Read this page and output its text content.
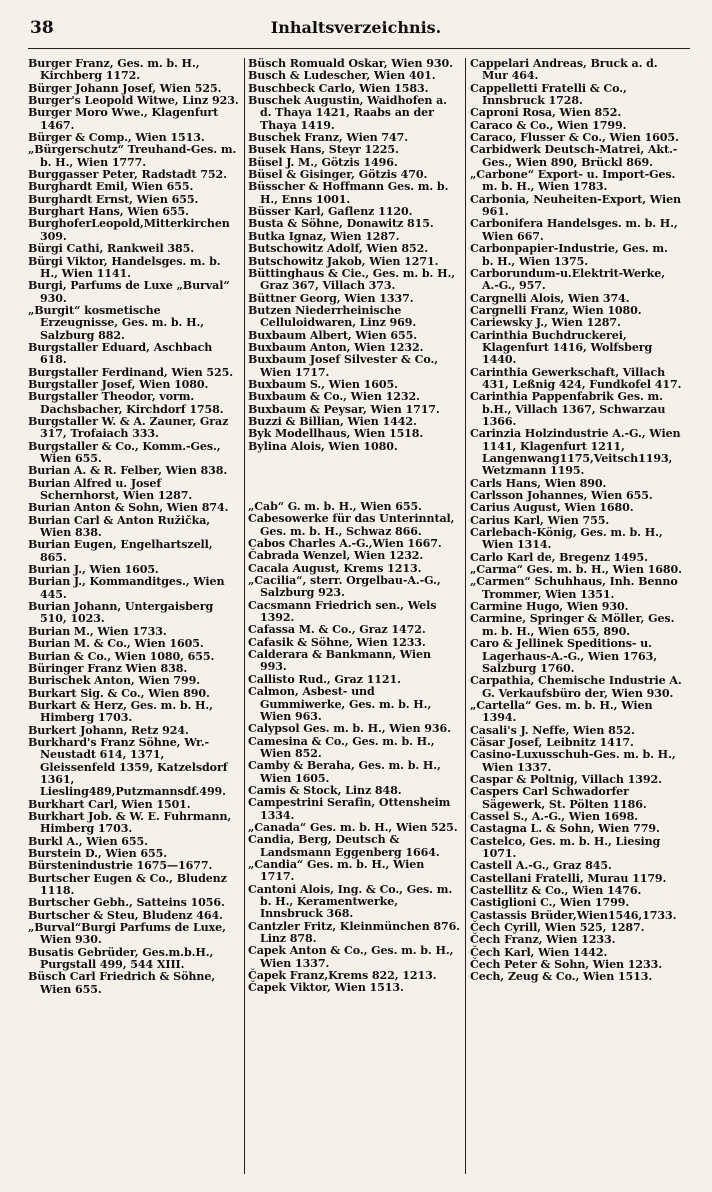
38	Inhaltsverzeichnis.

Burger Franz, Ges. m. b. H., Kirchberg 1172.

Bürger Johann Josef, Wien 525.

Burger's Leopold Witwe, Linz 923.

Burger Moro Wwe., Klagenfurt 1467.

Bürger & Comp., Wien 1513.

„Bürgerschutz“ Treuhand-Ges. m. b. H., Wien 1777.

Burggasser Peter, Radstadt 752.

Burghardt Emil, Wien 655.

Burghardt Ernst, Wien 655.

Burghart Hans, Wien 655.

BurghoferLeopold,Mitterkirchen 309.

Bürgi Cathi, Rankweil 385.

Bürgi Viktor, Handelsges. m. b. H., Wien 1141.

Burgi, Parfums de Luxe „Burval“ 930.

„Burgit“ kosmetische Erzeugnisse, Ges. m. b. H., Salzburg 882.

Burgstaller Eduard, Aschbach 618.

Burgstaller Ferdinand, Wien 525.

Burgstaller Josef, Wien 1080.

Burgstaller Theodor, vorm. Dachsbacher, Kirchdorf 1758.

Burgstaller W. & A. Zauner, Graz 317, Trofaiach 333.

Burgstaller & Co., Komm.-Ges., Wien 655.

Burian A. & R. Felber, Wien 838.

Burian Alfred u. Josef Schernhorst, Wien 1287.

Burian Anton & Sohn, Wien 874.

Burian Carl & Anton Ružička, Wien 838.

Burian Eugen, Engelhartszell, 865.

Burian J., Wien 1605.

Burian J., Kommanditges., Wien 445.

Burian Johann, Untergaisberg 510, 1023.

Burian M., Wien 1733.

Burian M. & Co., Wien 1605.

Burian & Co., Wien 1080, 655.

Büringer Franz Wien 838.

Burischek Anton, Wien 799.

Burkart Sig. & Co., Wien 890.

Burkart & Herz, Ges. m. b. H., Himberg 1703.

Burkert Johann, Retz 924.

Burkhard's Franz Söhne, Wr.-Neustadt 614, 1371, Gleissenfeld 1359, Katzelsdorf 1361, Liesling489,Putzmannsdf.499.

Burkhart Carl, Wien 1501.

Burkhart Job. & W. E. Fuhrmann, Himberg 1703.

Burkl A., Wien 655.

Burstein D., Wien 655.

Bürstenindustrie 1675—1677.

Burtscher Eugen & Co., Bludenz 1118.

Burtscher Gebh., Satteins 1056.

Burtscher & Steu, Bludenz 464.

„Burval“Burgi Parfums de Luxe, Wien 930.

Busatis Gebrüder, Ges.m.b.H., Purgstall 499, 544 XIII.

Büsch Carl Friedrich & Söhne, Wien 655.

Büsch Romuald Oskar, Wien 930.

Busch & Ludescher, Wien 401.

Buschbeck Carlo, Wien 1583.

Buschek Augustin, Waidhofen a. d. Thaya 1421, Raabs an der Thaya 1419.

Buschek Franz, Wien 747.

Busek Hans, Steyr 1225.

Büsel J. M., Götzis 1496.

Büsel & Gisinger, Götzis 470.

Büsscher & Hoffmann Ges. m. b. H., Enns 1001.

Büsser Karl, Gaflenz 1120.

Busta & Söhne, Donawitz 815.

Butka Ignaz, Wien 1287.

Butschowitz Adolf, Wien 852.

Butschowitz Jakob, Wien 1271.

Büttinghaus & Cie., Ges. m. b. H., Graz 367, Villach 373.

Büttner Georg, Wien 1337.

Butzen Niederrheinische Celluloidwaren, Linz 969.

Buxbaum Albert, Wien 655.

Buxbaum Anton, Wien 1232.

Buxbaum Josef Silvester & Co., Wien 1717.

Buxbaum S., Wien 1605.

Buxbaum & Co., Wien 1232.

Buxbaum & Peysar, Wien 1717.

Buzzi & Billian, Wien 1442.

Byk Modellhaus, Wien 1518.

Bylina Alois, Wien 1080.

„Cab“ G. m. b. H., Wien 655.

Cabesowerke für das Unterinntal, Ges. m. b. H., Schwaz 866.

Cabos Charles A.-G.,Wien 1667.

Čabrada Wenzel, Wien 1232.

Cacala August, Krems 1213.

„Cacilia“, sterr. Orgelbau-A.-G., Salzburg 923.

Cacsmann Friedrich sen., Wels 1392.

Cafassa M. & Co., Graz 1472.

Cafasik & Söhne, Wien 1233.

Calderara & Bankmann, Wien 993.

Callisto Rud., Graz 1121.

Calmon, Asbest- und Gummiwerke, Ges. m. b. H., Wien 963.

Calypsol Ges. m. b. H., Wien 936.

Camesina & Co., Ges. m. b. H., Wien 852.

Camby & Beraha, Ges. m. b. H., Wien 1605.

Camis & Stock, Linz 848.

Campestrini Serafin, Ottensheim 1334.

„Canada“ Ges. m. b. H., Wien 525.

Candia, Berg, Deutsch & Landsmann Eggenberg 1664.

„Candia“ Ges. m. b. H., Wien 1717.

Cantoni Alois, Ing. & Co., Ges. m. b. H., Keramentwerke, Innsbruck 368.

Cantzler Fritz, Kleinmünchen 876. Linz 878.

Capek Anton & Co., Ges. m. b. H., Wien 1337.

Čapek Franz,Krems 822, 1213.

Čapek Viktor, Wien 1513.

Cappelari Andreas, Bruck a. d. Mur 464.

Cappelletti Fratelli & Co., Innsbruck 1728.

Caproni Rosa, Wien 852.

Caraco & Co., Wien 1799.

Caraco, Flusser & Co., Wien 1605.

Carbidwerk Deutsch-Matrei, Akt.-Ges., Wien 890, Brückl 869.

„Carbone“ Export- u. Import-Ges. m. b. H., Wien 1783.

Carbonia, Neuheiten-Export, Wien 961.

Carbonifera Handelsges. m. b. H., Wien 667.

Carbonpapier-Industrie, Ges. m. b. H., Wien 1375.

Carborundum-u.Elektrit-Werke, A.-G., 957.

Cargnelli Alois, Wien 374.

Cargnelli Franz, Wien 1080.

Cariewsky J., Wien 1287.

Carinthia Buchdruckerei, Klagenfurt 1416, Wolfsberg 1440.

Carinthia Gewerkschaft, Villach 431, Leßnig 424, Fundkofel 417.

Carinthia Pappenfabrik Ges. m. b.H., Villach 1367, Schwarzau 1366.

Carinzia Holzindustrie A.-G., Wien 1141, Klagenfurt 1211, Langenwang1175,Veitsch1193, Wetzmann 1195.

Carls Hans, Wien 890.

Carlsson Johannes, Wien 655.

Carius August, Wien 1680.

Carius Karl, Wien 755.

Carlebach-König, Ges. m. b. H., Wien 1314.

Carlo Karl de, Bregenz 1495.

„Carma“ Ges. m. b. H., Wien 1680.

„Carmen“ Schuhhaus, Inh. Benno Trommer, Wien 1351.

Carmine Hugo, Wien 930.

Carmine, Springer & Möller, Ges. m. b. H., Wien 655, 890.

Caro & Jellinek Speditions- u. Lagerhaus-A.-G., Wien 1763, Salzburg 1760.

Carpathia, Chemische Industrie A. G. Verkaufsbüro der, Wien 930.

„Cartella“ Ges. m. b. H., Wien 1394.

Casali's J. Neffe, Wien 852.

Cäsar Josef, Leibnitz 1417.

Casino-Luxusschuh-Ges. m. b. H., Wien 1337.

Caspar & Poltnig, Villach 1392.

Caspers Carl Schwadorfer Sägewerk, St. Pölten 1186.

Cassel S., A.-G., Wien 1698.

Castagna L. & Sohn, Wien 779.

Castelco, Ges. m. b. H., Liesing 1071.

Castell A.-G., Graz 845.

Castellani Fratelli, Murau 1179.

Castellitz & Co., Wien 1476.

Castiglioni C., Wien 1799.

Castassis Brüder,Wien1546,1733.

Čech Cyrill, Wien 525, 1287.

Čech Franz, Wien 1233.

Čech Karl, Wien 1442.

Čech Peter & Sohn, Wien 1233.

Cech, Zeug & Co., Wien 1513.
